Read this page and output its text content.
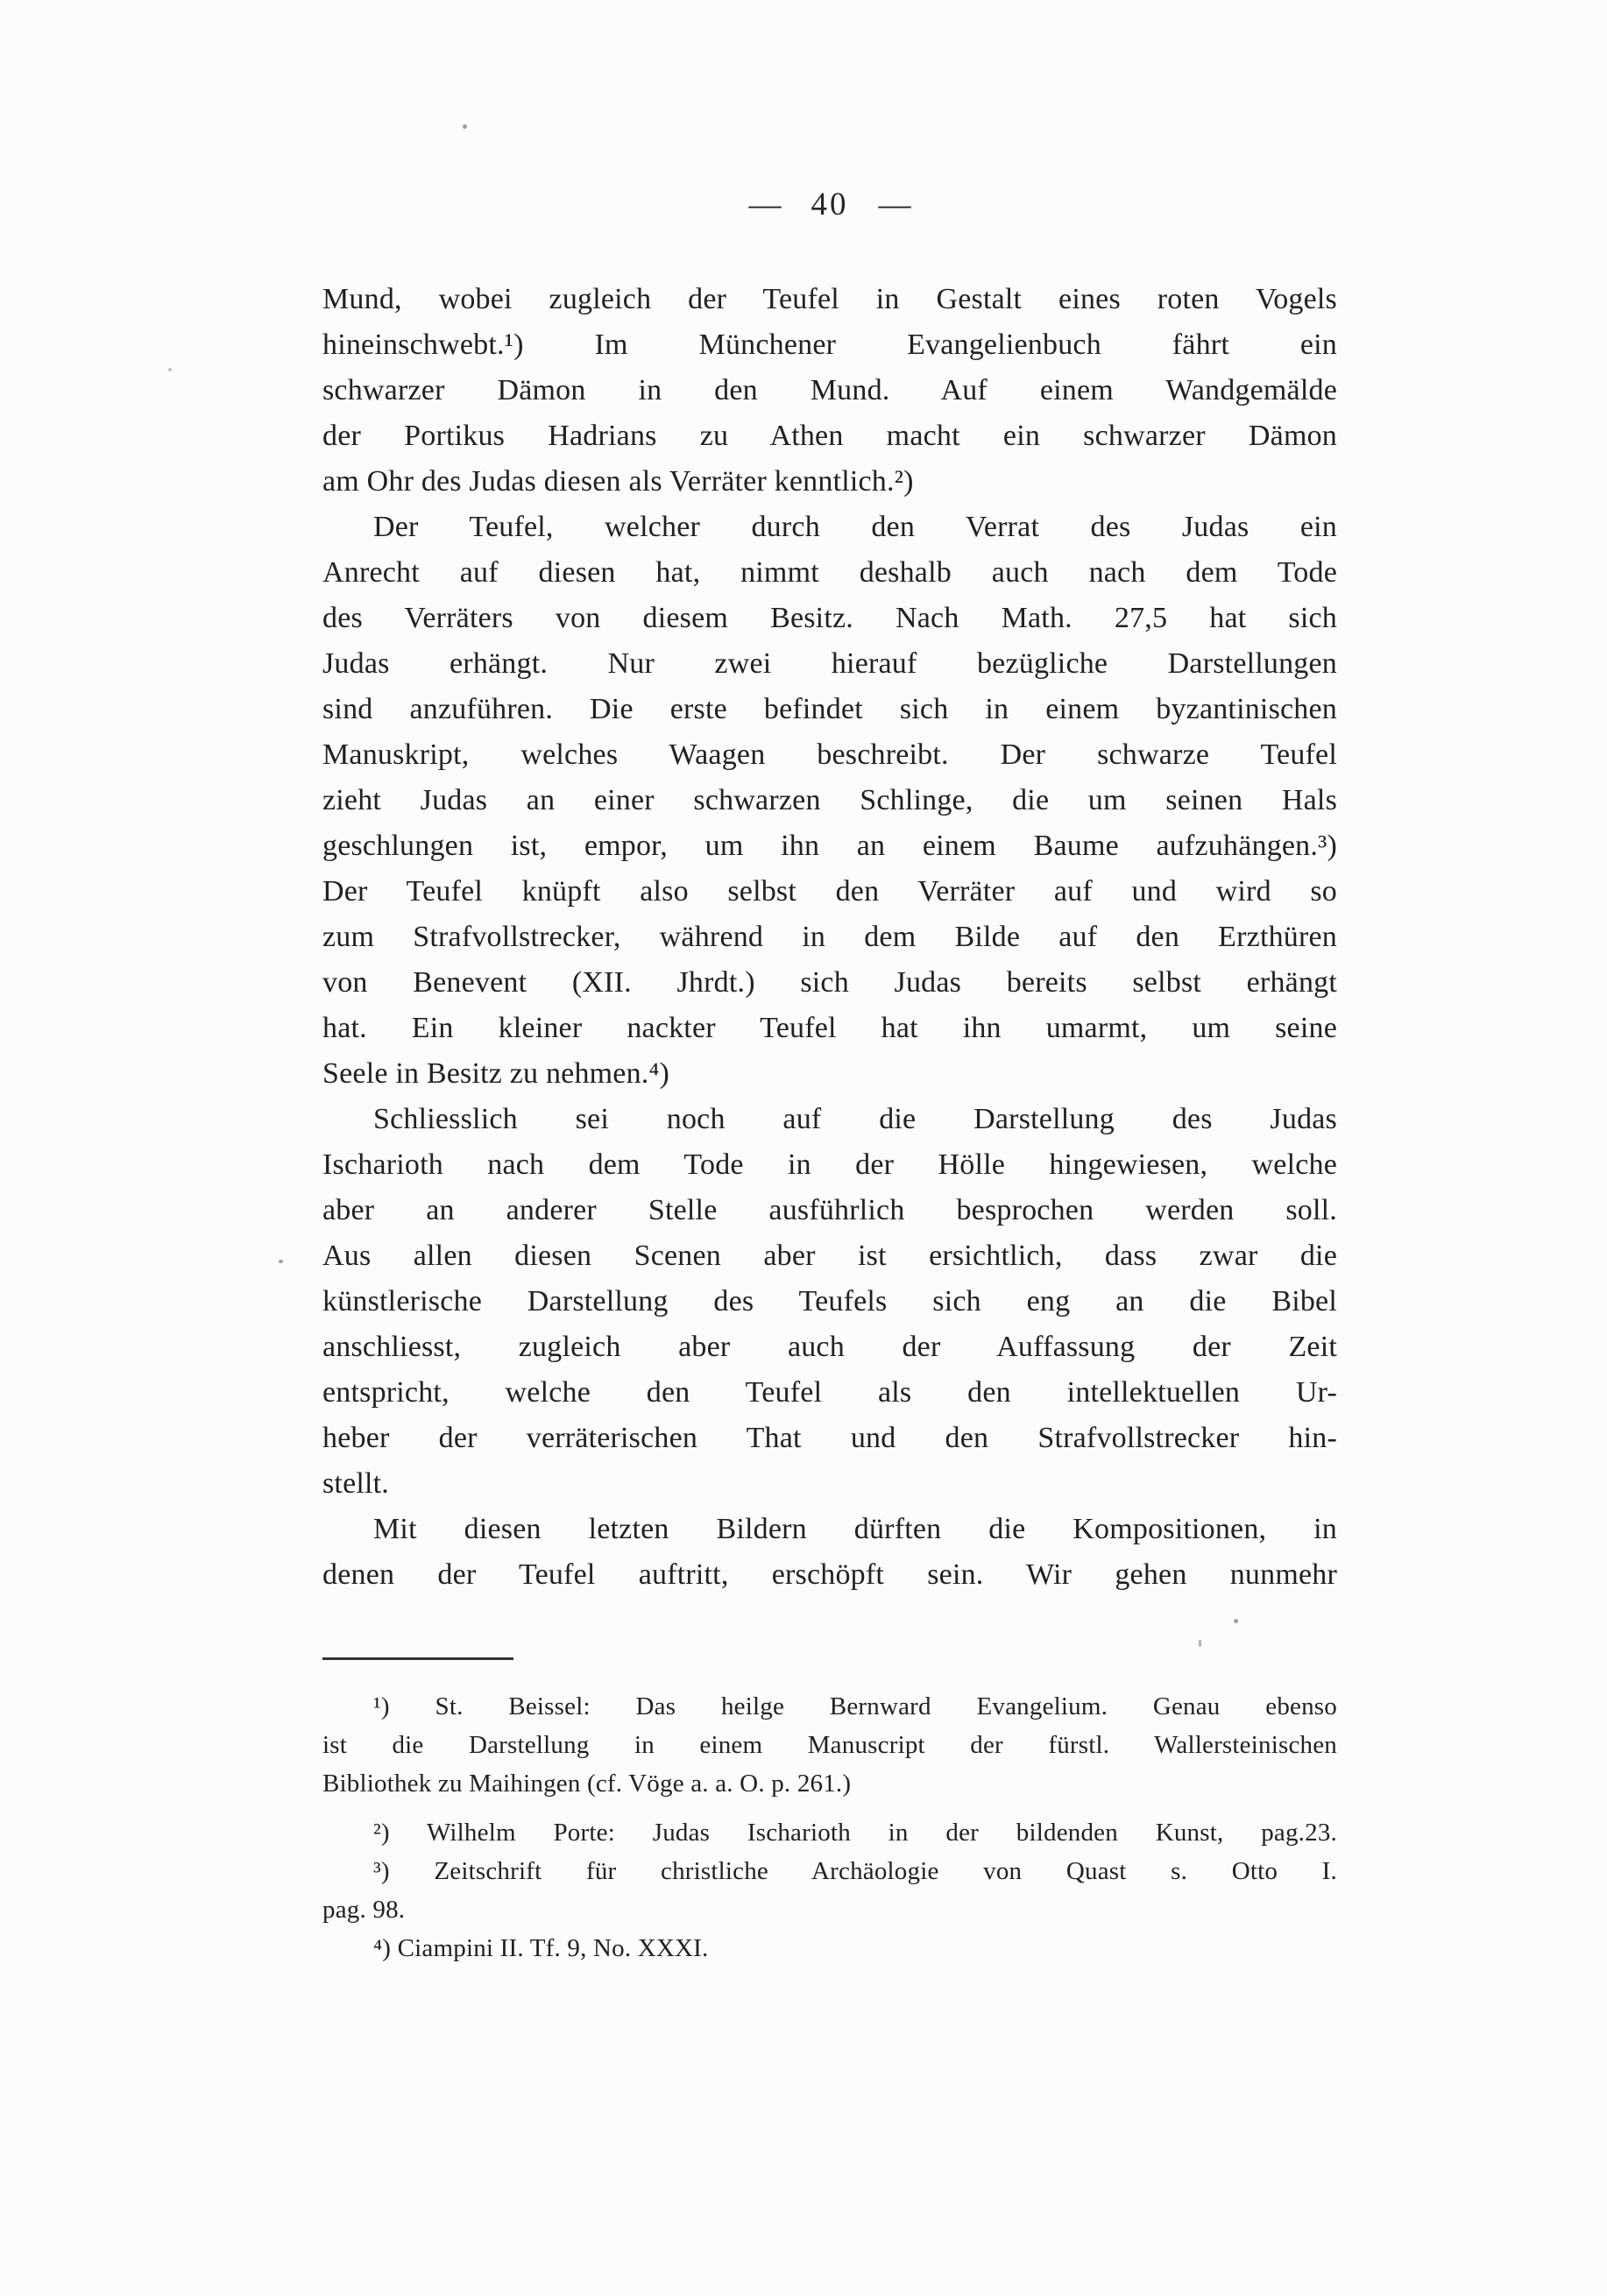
— 40 —
Mund, wobei zugleich der Teufel in Gestalt eines roten Vogels
hineinschwebt.¹) Im Münchener Evangelienbuch fährt ein
schwarzer Dämon in den Mund. Auf einem Wandgemälde
der Portikus Hadrians zu Athen macht ein schwarzer Dämon
am Ohr des Judas diesen als Verräter kenntlich.²)
Der Teufel, welcher durch den Verrat des Judas ein
Anrecht auf diesen hat, nimmt deshalb auch nach dem Tode
des Verräters von diesem Besitz. Nach Math. 27,5 hat sich
Judas erhängt. Nur zwei hierauf bezügliche Darstellungen
sind anzuführen. Die erste befindet sich in einem byzantinischen
Manuskript, welches Waagen beschreibt. Der schwarze Teufel
zieht Judas an einer schwarzen Schlinge, die um seinen Hals
geschlungen ist, empor, um ihn an einem Baume aufzuhängen.³)
Der Teufel knüpft also selbst den Verräter auf und wird so
zum Strafvollstrecker, während in dem Bilde auf den Erzthüren
von Benevent (XII. Jhrdt.) sich Judas bereits selbst erhängt
hat. Ein kleiner nackter Teufel hat ihn umarmt, um seine
Seele in Besitz zu nehmen.⁴)
Schliesslich sei noch auf die Darstellung des Judas
Ischarioth nach dem Tode in der Hölle hingewiesen, welche
aber an anderer Stelle ausführlich besprochen werden soll.
Aus allen diesen Scenen aber ist ersichtlich, dass zwar die
künstlerische Darstellung des Teufels sich eng an die Bibel
anschliesst, zugleich aber auch der Auffassung der Zeit
entspricht, welche den Teufel als den intellektuellen Ur-
heber der verräterischen That und den Strafvollstrecker hin-
stellt.
Mit diesen letzten Bildern dürften die Kompositionen, in
denen der Teufel auftritt, erschöpft sein. Wir gehen nunmehr
¹) St. Beissel: Das heilge Bernward Evangelium. Genau ebenso
ist die Darstellung in einem Manuscript der fürstl. Wallersteinischen
Bibliothek zu Maihingen (cf. Vöge a. a. O. p. 261.)
²) Wilhelm Porte: Judas Ischarioth in der bildenden Kunst, pag.23.
³) Zeitschrift für christliche Archäologie von Quast s. Otto I.
pag. 98.
⁴) Ciampini II. Tf. 9, No. XXXI.
